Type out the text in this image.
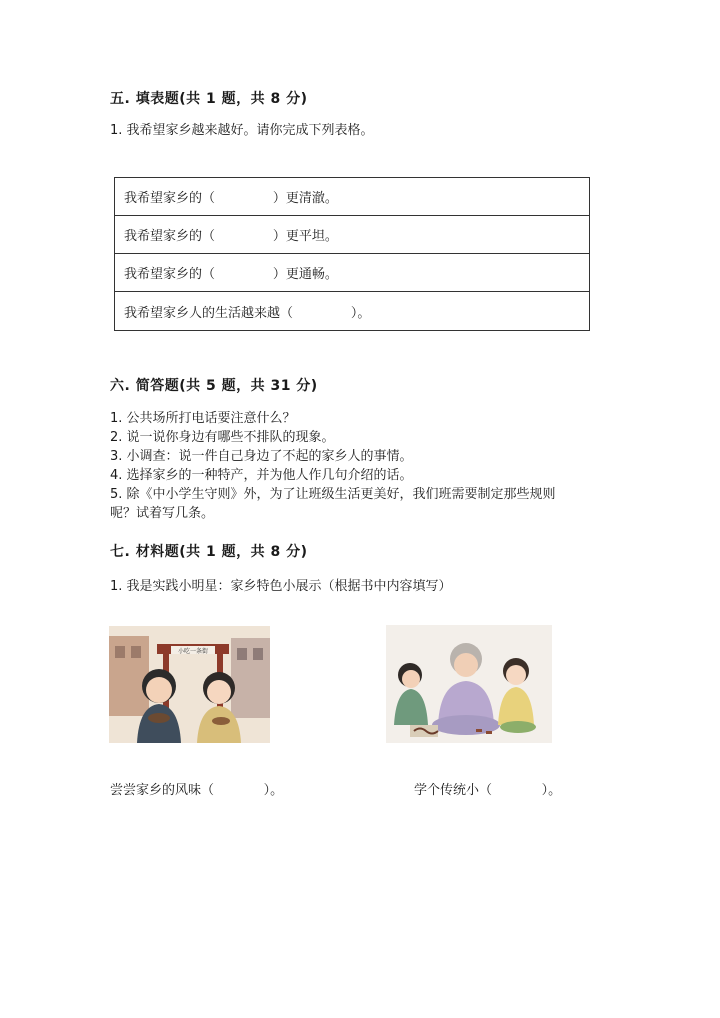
五. 填表题(共 1 题，共 8 分)
1. 我希望家乡越来越好。请你完成下列表格。
我希望家乡的（              ）更清澈。
我希望家乡的（              ）更平坦。
我希望家乡的（              ）更通畅。
我希望家乡人的生活越来越（              ）。
六. 简答题(共 5 题，共 31 分)
1. 公共场所打电话要注意什么？
2. 说一说你身边有哪些不排队的现象。
3. 小调查：说一件自己身边了不起的家乡人的事情。
4. 选择家乡的一种特产，并为他人作几句介绍的话。
5. 除《中小学生守则》外，为了让班级生活更美好，我们班需要制定那些规则
呢？试着写几条。
七. 材料题(共 1 题，共 8 分)
1. 我是实践小明星：家乡特色小展示（根据书中内容填写）
小吃一条街
尝尝家乡的风味（            ）。	学个传统小（            ）。
